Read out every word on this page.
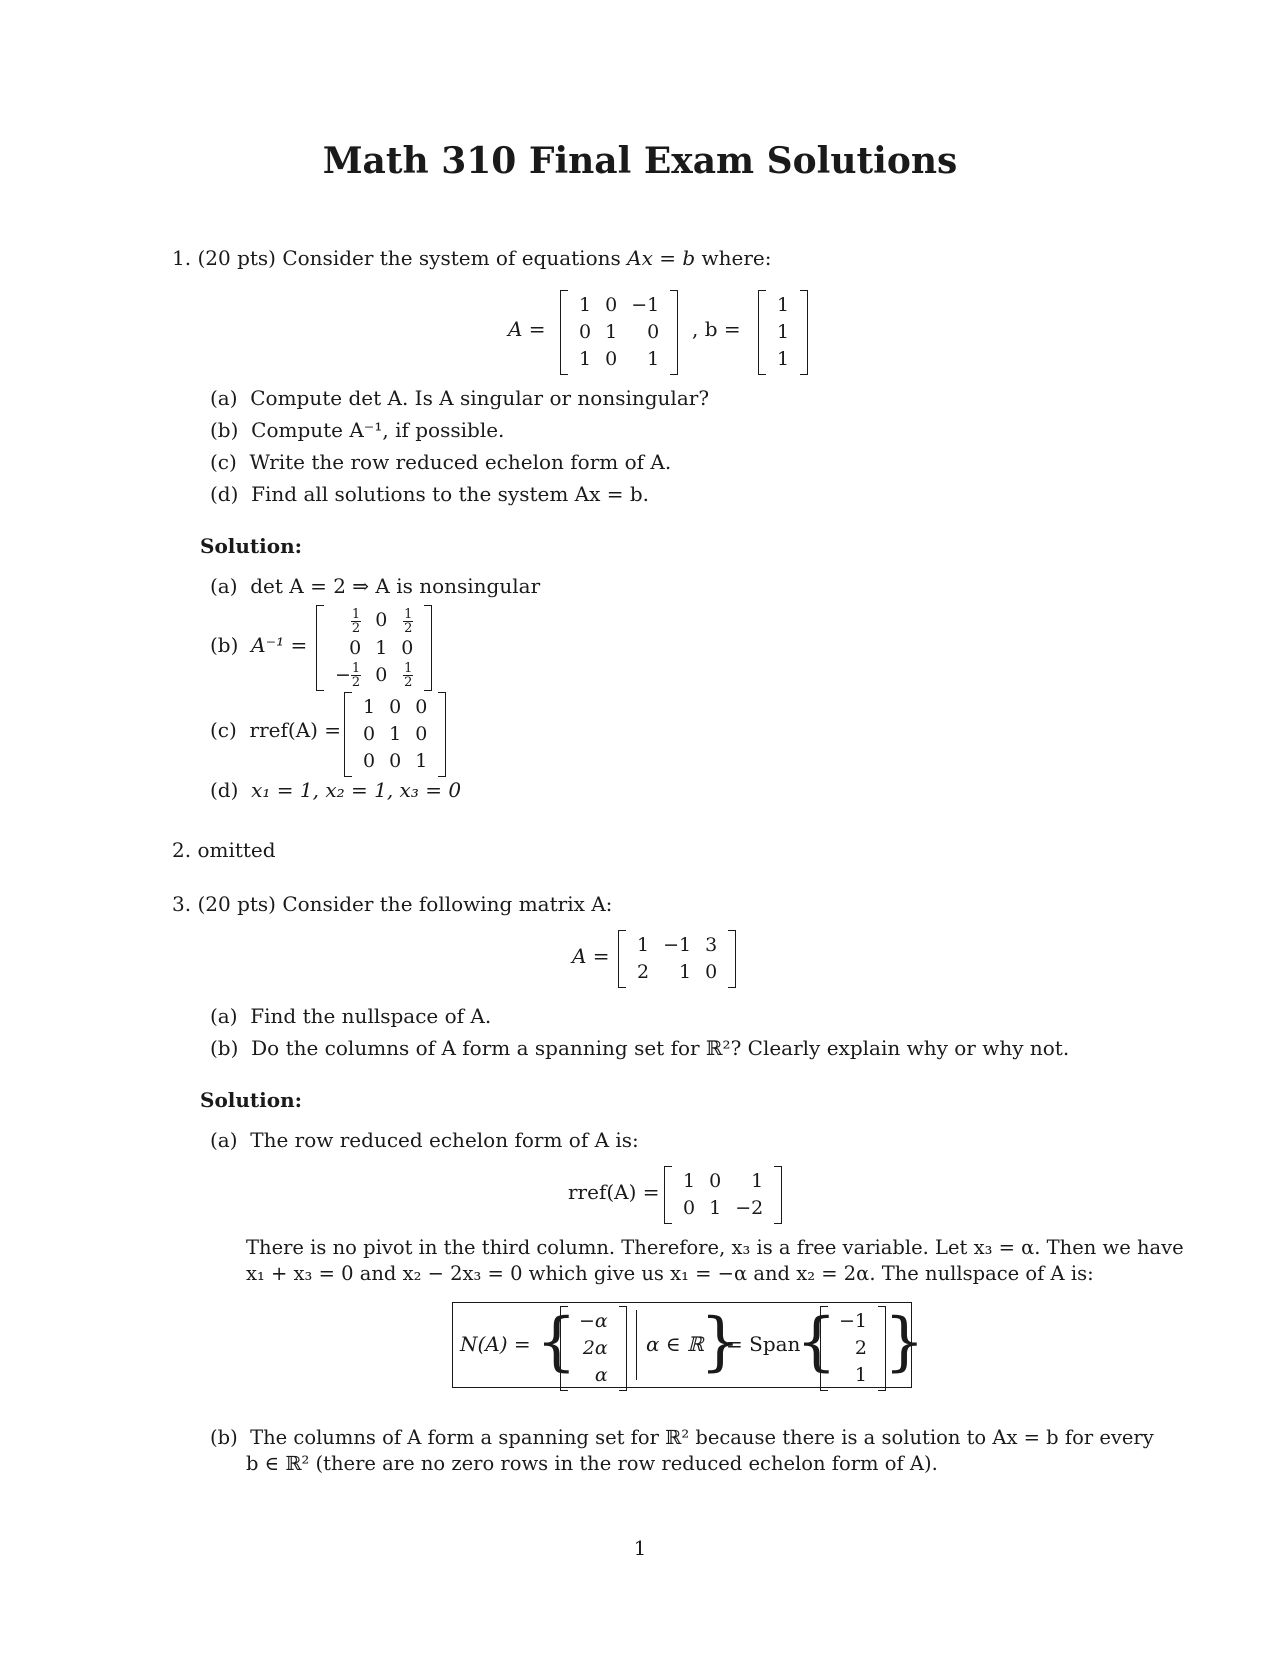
Math 310 Final Exam Solutions
1. (20 pts) Consider the system of equations Ax = b where:
A =
1	0	−1
0	1	0
1	0	1
, b =
1
1
1
(a) Compute det A. Is A singular or nonsingular?
(b) Compute A⁻¹, if possible.
(c) Write the row reduced echelon form of A.
(d) Find all solutions to the system Ax = b.
Solution:
(a) det A = 2 ⇒ A is nonsingular
(b) A⁻¹ =
$\frac{1}{2}$	0	$\frac{1}{2}$

0	1	0
− $\frac{1}{2}$	0	$\frac{1}{2}$
(c) rref(A) =
1	0	0
0	1	0
0	0	1
(d) x₁ = 1, x₂ = 1, x₃ = 0
2. omitted
3. (20 pts) Consider the following matrix A:
A = 1	−1	3
2	1	0
(a) Find the nullspace of A.
(b) Do the columns of A form a spanning set for ℝ²? Clearly explain why or why not.
Solution:
(a) The row reduced echelon form of A is:
rref(A) = 1	0	1
0	1	−2
There is no pivot in the third column. Therefore, x₃ is a free variable. Let x₃ = α. Then we have
x₁ + x₃ = 0 and x₂ − 2x₃ = 0 which give us x₁ = −α and x₂ = 2α. The nullspace of A is:
N(A) = { −α
2α
α
α ∈ ℝ
}
= Span
{ −1
2
1 }
(b) The columns of A form a spanning set for ℝ² because there is a solution to Ax = b for every
b ∈ ℝ² (there are no zero rows in the row reduced echelon form of A).
1
